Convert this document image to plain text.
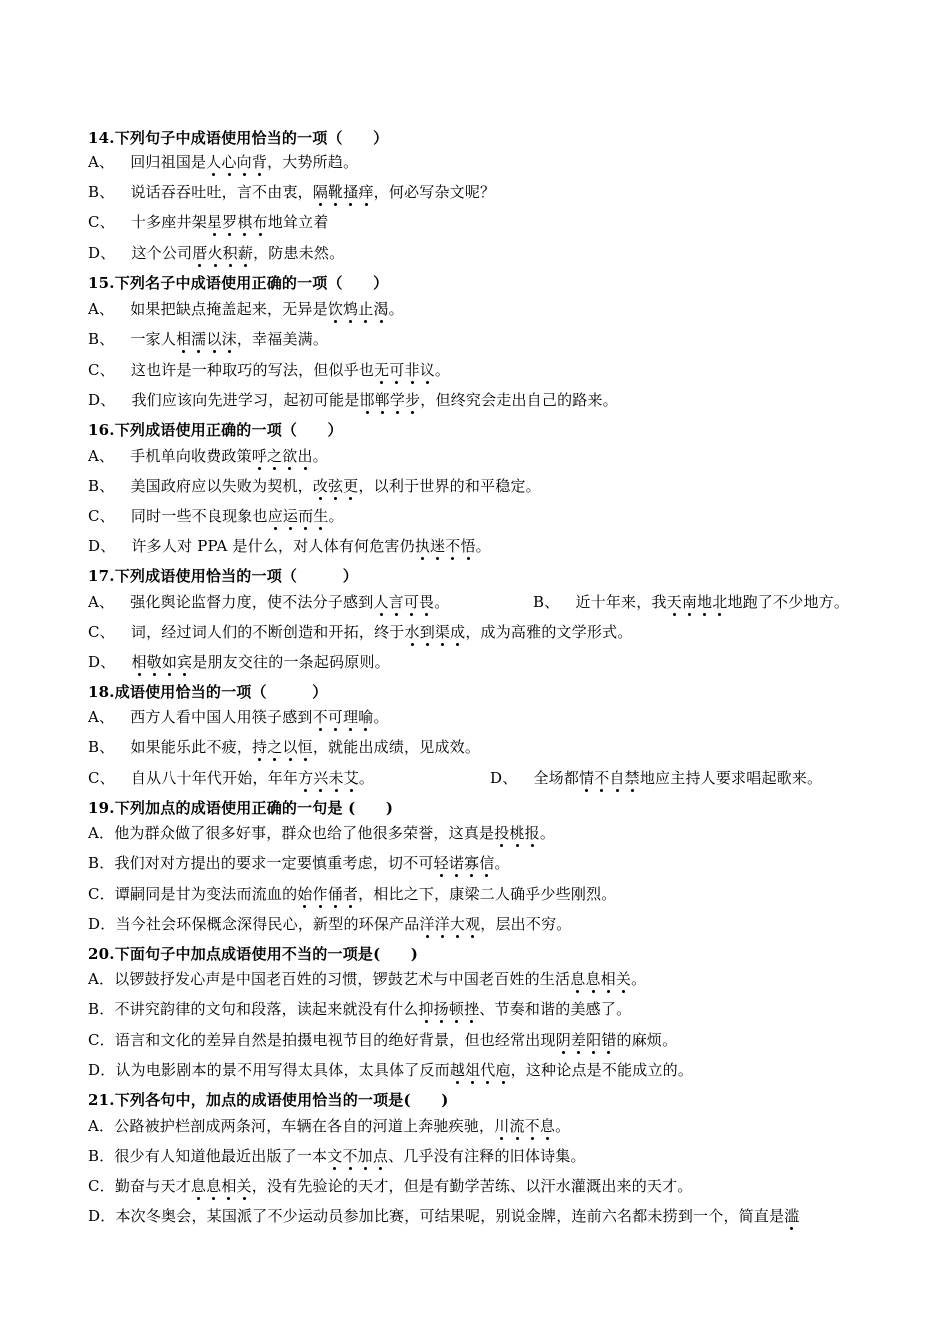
14.下列句子中成语使用恰当的一项（　　）
A、 回归祖国是人心向背，大势所趋。
B、 说话吞吞吐吐，言不由衷，隔靴搔痒，何必写杂文呢？
C、 十多座井架星罗棋布地耸立着
D、 这个公司厝火积薪，防患未然。
15.下列名子中成语使用正确的一项（　　）
A、 如果把缺点掩盖起来，无异是饮鸩止渴。
B、 一家人相濡以沫，幸福美满。
C、 这也许是一种取巧的写法，但似乎也无可非议。
D、 我们应该向先进学习，起初可能是邯郸学步，但终究会走出自己的路来。
16.下列成语使用正确的一项（　　）
A、 手机单向收费政策呼之欲出。
B、 美国政府应以失败为契机，改弦更，以利于世界的和平稳定。
C、 同时一些不良现象也应运而生。
D、 许多人对 PPA 是什么，对人体有何危害仍执迷不悟。
17.下列成语使用恰当的一项（　　　）
A、 强化舆论监督力度，使不法分子感到人言可畏。	B、 近十年来，我天南地北地跑了不少地方。
C、 词，经过词人们的不断创造和开拓，终于水到渠成，成为高雅的文学形式。
D、 相敬如宾是朋友交往的一条起码原则。
18.成语使用恰当的一项（　　　）
A、 西方人看中国人用筷子感到不可理喻。
B、 如果能乐此不疲，持之以恒，就能出成绩，见成效。
C、 自从八十年代开始，年年方兴未艾。	D、 全场都情不自禁地应主持人要求唱起歌来。
19.下列加点的成语使用正确的一句是 (　　)
A．他为群众做了很多好事，群众也给了他很多荣誉，这真是投桃报。
B．我们对对方提出的要求一定要慎重考虑，切不可轻诺寡信。
C．谭嗣同是甘为变法而流血的始作俑者，相比之下，康梁二人确乎少些刚烈。
D．当今社会环保概念深得民心，新型的环保产品洋洋大观，层出不穷。
20.下面句子中加点成语使用不当的一项是(　　)
A．以锣鼓抒发心声是中国老百姓的习惯，锣鼓艺术与中国老百姓的生活息息相关。
B．不讲究韵律的文句和段落，读起来就没有什么抑扬顿挫、节奏和谐的美感了。
C．语言和文化的差异自然是拍摄电视节目的绝好背景，但也经常出现阴差阳错的麻烦。
D．认为电影剧本的景不用写得太具体，太具体了反而越俎代庖，这种论点是不能成立的。
21.下列各句中，加点的成语使用恰当的一项是(　　)
A．公路被护栏剖成两条河，车辆在各自的河道上奔驰疾驰，川流不息。
B．很少有人知道他最近出版了一本文不加点、几乎没有注释的旧体诗集。
C．勤奋与天才息息相关，没有先验论的天才，但是有勤学苦练、以汗水灌溉出来的天才。
D．本次冬奥会，某国派了不少运动员参加比赛，可结果呢，别说金牌，连前六名都未捞到一个，简直是滥
